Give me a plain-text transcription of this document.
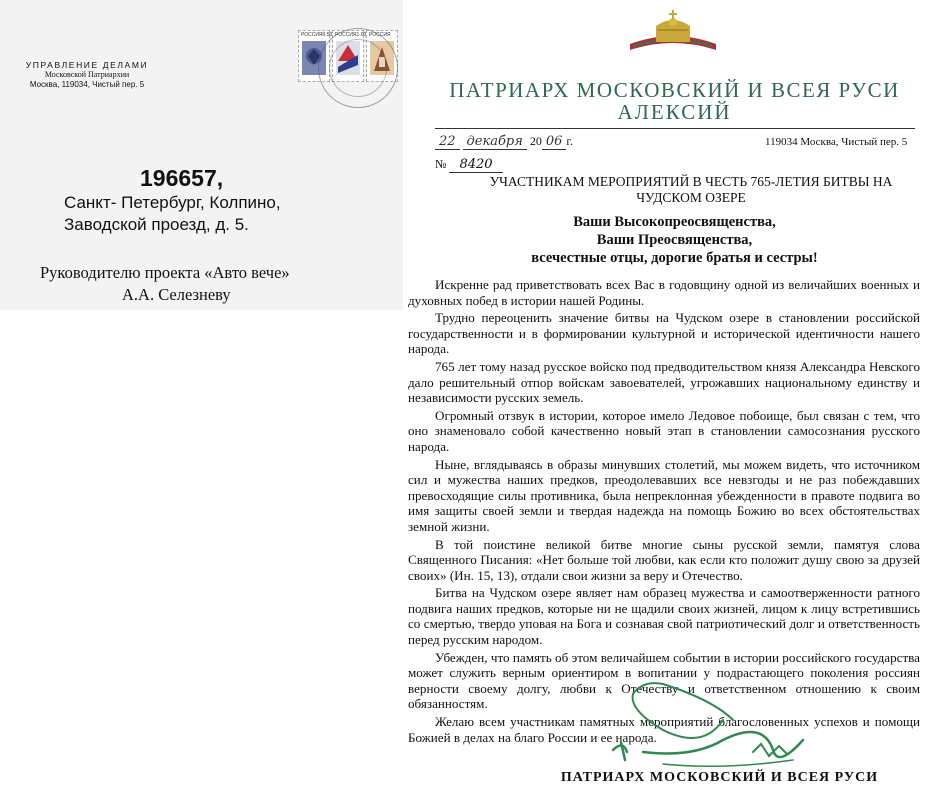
УПРАВЛЕНИЕ ДЕЛАМИ
Московской Патриархии
Москва, 119034, Чистый пер. 5
РОССИЯ 0.50 РОССИЯ 1.00 РОССИЯ
196657,
Санкт- Петербург, Колпино,
Заводской проезд, д. 5.
Руководителю проекта «Авто вече»
А.А. Селезневу
ПАТРИАРХ МОСКОВСКИЙ И ВСЕЯ РУСИ
АЛЕКСИЙ
22 декабря 20 06 г.	119034 Москва, Чистый пер. 5
№ 8420
УЧАСТНИКАМ МЕРОПРИЯТИЙ В ЧЕСТЬ 765-ЛЕТИЯ БИТВЫ НА
ЧУДСКОМ ОЗЕРЕ
Ваши Высокопреосвященства,
Ваши Преосвященства,
всечестные отцы, дорогие братья и сестры!

Искренне рад приветствовать всех Вас в годовщину одной из величайших военных и духовных побед в истории нашей Родины.

Трудно переоценить значение битвы на Чудском озере в становлении российской государственности и в формировании культурной и исторической идентичности нашего народа.

765 лет тому назад русское войско под предводительством князя Александра Невского дало решительный отпор войскам завоевателей, угрожавших национальному единству и независимости русских земель.

Огромный отзвук в истории, которое имело Ледовое побоище, был связан с тем, что оно знаменовало собой качественно новый этап в становлении самосознания русского народа.

Ныне, вглядываясь в образы минувших столетий, мы можем видеть, что источником сил и мужества наших предков, преодолевавших все невзгоды и не раз побеждавших превосходящие силы противника, была непреклонная убежденности в правоте подвига во имя защиты своей земли и твердая надежда на помощь Божию во всех обстоятельствах земной жизни.

В той поистине великой битве многие сыны русской земли, памятуя слова Священного Писания: «Нет больше той любви, как если кто положит душу свою за друзей своих» (Ин. 15, 13), отдали свои жизни за веру и Отечество.

Битва на Чудском озере являет нам образец мужества и самоотверженности ратного подвига наших предков, которые ни не щадили своих жизней, лицом к лицу встретившись со смертью, твердо уповая на Бога и сознавая свой патриотический долг и ответственность перед русским народом.

Убежден, что память об этом величайшем событии в истории российского государства может служить верным ориентиром в вопитании у подрастающего поколения россиян верности своему долгу, любви к Отечеству и ответственном отношению к своим обязанностям.

Желаю всем участникам памятных мероприятий благословенных успехов и помощи Божией в делах на благо России и ее народа.

ПАТРИАРХ МОСКОВСКИЙ И ВСЕЯ РУСИ
